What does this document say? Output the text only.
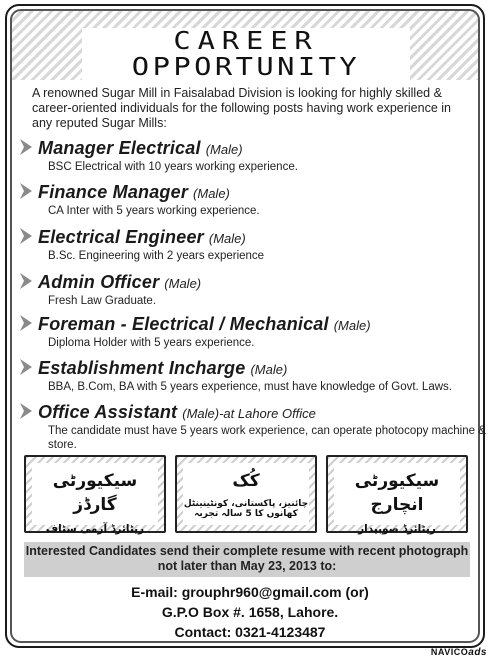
CAREER
OPPORTUNITY
A renowned Sugar Mill in Faisalabad Division is looking for highly skilled & career-oriented individuals for the following posts having work experience in any reputed Sugar Mills:
Manager Electrical (Male)
BSC Electrical with 10 years working experience.
Finance Manager (Male)
CA Inter with 5 years working experience.
Electrical Engineer (Male)
B.Sc. Engineering with 2 years experience
Admin Officer (Male)
Fresh Law Graduate.
Foreman - Electrical / Mechanical (Male)
Diploma Holder with 5 years experience.
Establishment Incharge (Male)
BBA, B.Com, BA with 5 years experience, must have knowledge of Govt. Laws.
Office Assistant (Male)-at Lahore Office
The candidate must have 5 years work experience, can operate photocopy machine & store.
سیکیورٹی گارڈز
ریٹائرڈ آرمی سٹاف
کُک
چائنیز، پاکستانی، کونٹینینٹل کھانوں کا 5 سالہ تجربہ
سیکیورٹی انچارج
ریٹائرڈ صوبیدار
Interested Candidates send their complete resume with recent photograph not later than May 23, 2013 to:
E-mail: grouphr960@gmail.com (or)
G.P.O Box #. 1658, Lahore.
Contact: 0321-4123487
NAVICOads
